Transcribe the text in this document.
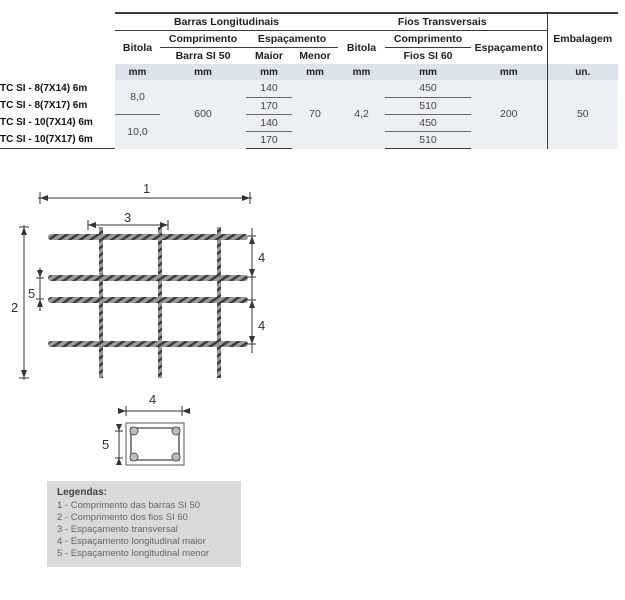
	Barras Longitudinais				Fios Transversais			Embalagem
	Bitola	Comprimento	Espaçamento		Bitola	Comprimento	Espaçamento	
		Barra SI 50	Maior	Menor		Fios SI 60		
	mm	mm	mm	mm	mm	mm	mm	un.
TC SI - 8(7X14) 6m	8,0	600	140	70	4,2	450	200	50
TC SI - 8(7X17) 6m			170			510		
TC SI - 10(7X14) 6m	10,0		140			450		
TC SI - 10(7X17) 6m			170			510		
1
3
2
5
4
4
4
5
Legendas:
1 - Comprimento das barras SI 50
2 - Comprimento dos fios SI 60
3 - Espaçamento transversal
4 - Espaçamento longitudinal maior
5 - Espaçamento longitudinal menor
